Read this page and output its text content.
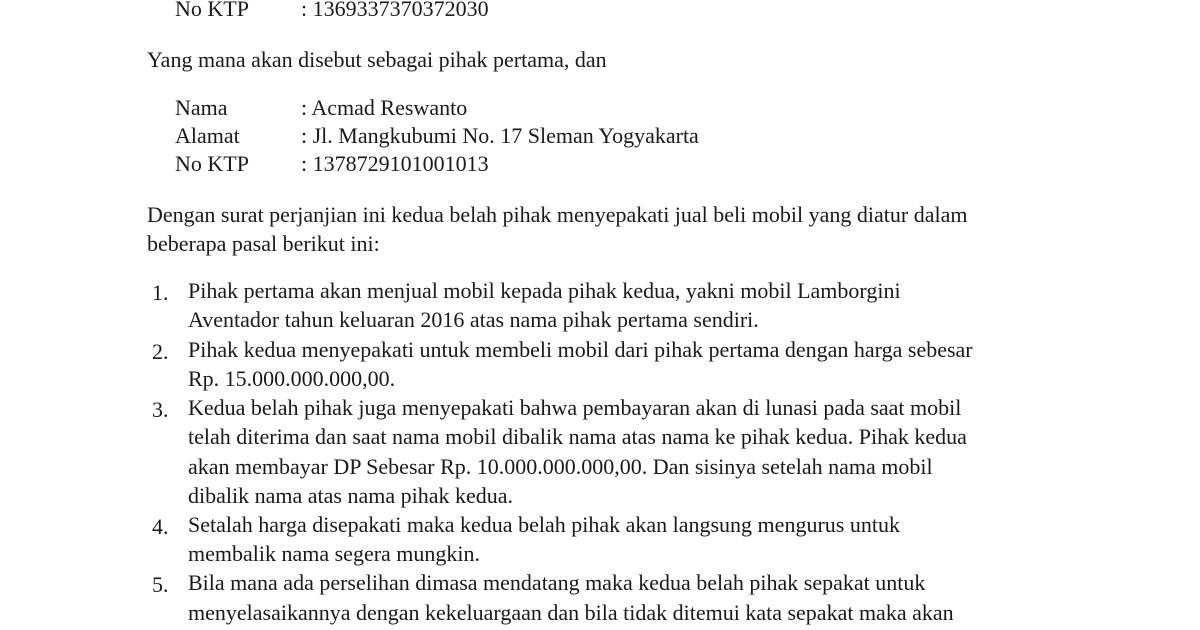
No KTP : 1369337370372030
Yang mana akan disebut sebagai pihak pertama, dan
Nama	: Acmad Reswanto
Alamat	: Jl. Mangkubumi No. 17 Sleman Yogyakarta
No KTP : 1378729101001013
Dengan surat perjanjian ini kedua belah pihak menyepakati jual beli mobil yang diatur dalam
beberapa pasal berikut ini:
1. Pihak pertama akan menjual mobil kepada pihak kedua, yakni mobil Lamborgini
Aventador tahun keluaran 2016 atas nama pihak pertama sendiri.
2. Pihak kedua menyepakati untuk membeli mobil dari pihak pertama dengan harga sebesar
Rp. 15.000.000.000,00.
3. Kedua belah pihak juga menyepakati bahwa pembayaran akan di lunasi pada saat mobil
telah diterima dan saat nama mobil dibalik nama atas nama ke pihak kedua. Pihak kedua
akan membayar DP Sebesar Rp. 10.000.000.000,00. Dan sisinya setelah nama mobil
dibalik nama atas nama pihak kedua.
4. Setalah harga disepakati maka kedua belah pihak akan langsung mengurus untuk
membalik nama segera mungkin.
5. Bila mana ada perselihan dimasa mendatang maka kedua belah pihak sepakat untuk
menyelasaikannya dengan kekeluargaan dan bila tidak ditemui kata sepakat maka akan
